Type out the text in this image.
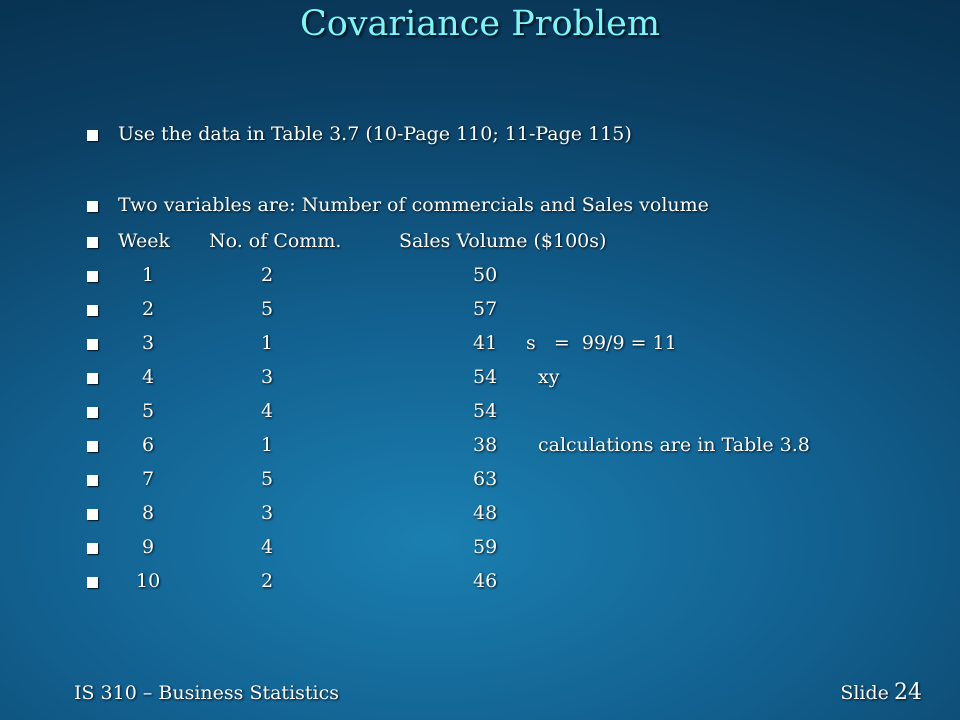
Covariance Problem
Use the data in Table 3.7 (10-Page 110; 11-Page 115)
Two variables are: Number of commercials and Sales volume
Week No. of Comm.	Sales Volume ($100s)
1	2	50
2	5	57
3	1	41 s   =  99/9 = 11
4	3	54 xy
5	4	54
6	1	38 calculations are in Table 3.8
7	5	63
8	3	48
9	4	59
10	2	46
IS 310 – Business Statistics	Slide 24
